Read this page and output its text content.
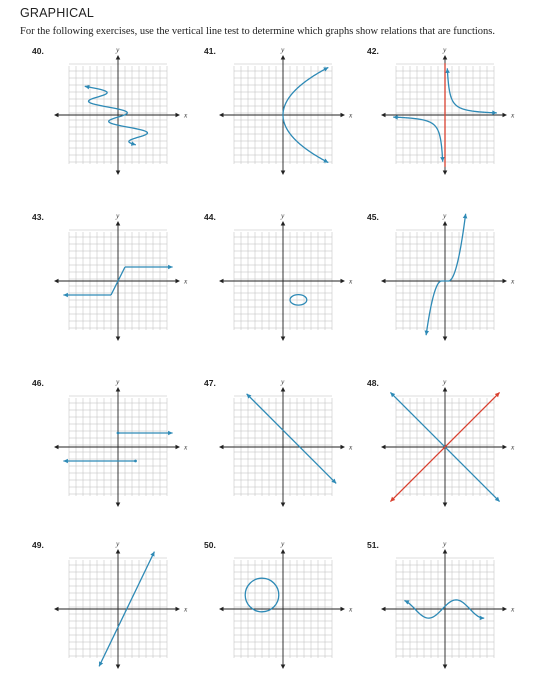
GRAPHICAL
For the following exercises, use the vertical line test to determine which graphs show relations that are functions.
40.	41.	42.
43.	44.	45.
46.	47.	48.
49.	50.	51.
x
y
x
y
x
y
x
y
x
y
x
y
x
y
x
y
x
y
x
y
x
y
x
y
